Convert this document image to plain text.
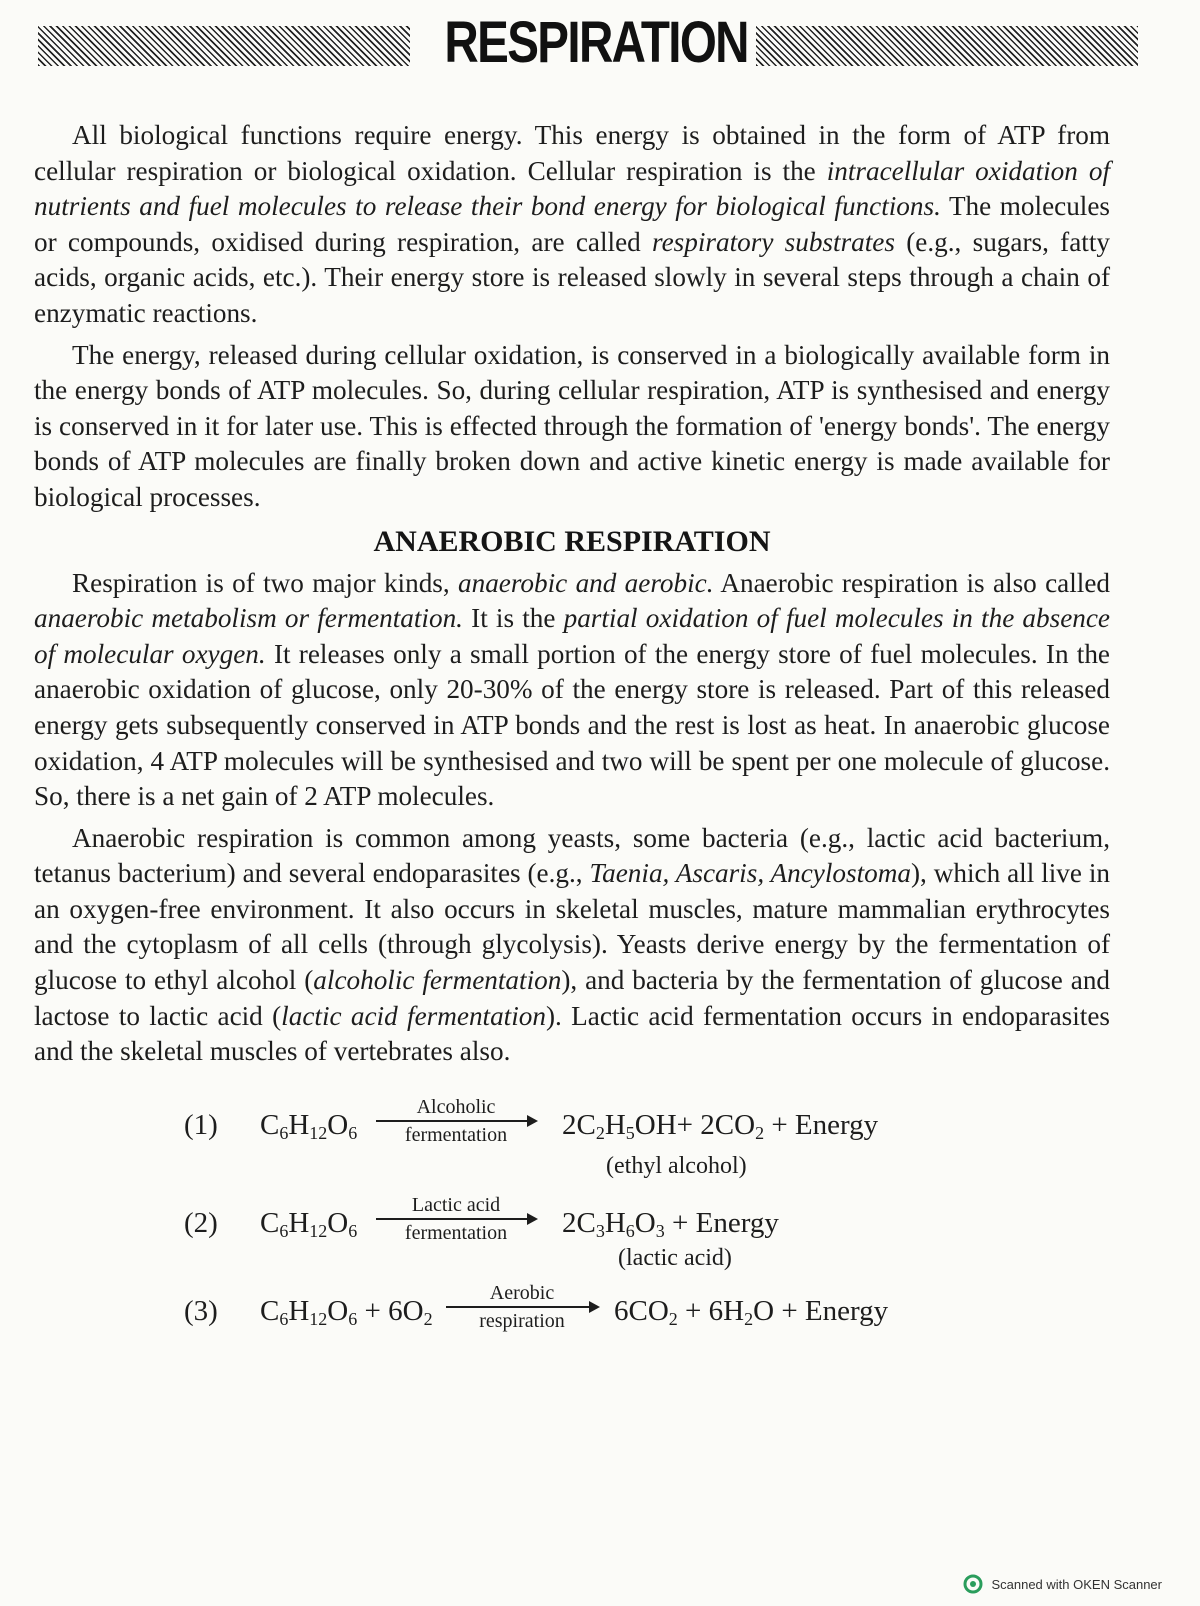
RESPIRATION

All biological functions require energy. This energy is obtained in the form of ATP from cellular respiration or biological oxidation. Cellular respiration is the intracellular oxidation of nutrients and fuel molecules to release their bond energy for biological functions. The molecules or compounds, oxidised during respiration, are called respiratory substrates (e.g., sugars, fatty acids, organic acids, etc.). Their energy store is released slowly in several steps through a chain of enzymatic reactions.

The energy, released during cellular oxidation, is conserved in a biologically available form in the energy bonds of ATP molecules. So, during cellular respiration, ATP is synthesised and energy is conserved in it for later use. This is effected through the formation of 'energy bonds'. The energy bonds of ATP molecules are finally broken down and active kinetic energy is made available for biological processes.

ANAEROBIC RESPIRATION

Respiration is of two major kinds, anaerobic and aerobic. Anaerobic respiration is also called anaerobic metabolism or fermentation. It is the partial oxidation of fuel molecules in the absence of molecular oxygen. It releases only a small portion of the energy store of fuel molecules. In the anaerobic oxidation of glucose, only 20-30% of the energy store is released. Part of this released energy gets subsequently conserved in ATP bonds and the rest is lost as heat. In anaerobic glucose oxidation, 4 ATP molecules will be synthesised and two will be spent per one molecule of glucose. So, there is a net gain of 2 ATP molecules.

Anaerobic respiration is common among yeasts, some bacteria (e.g., lactic acid bacterium, tetanus bacterium) and several endoparasites (e.g., Taenia, Ascaris, Ancylostoma), which all live in an oxygen-free environment. It also occurs in skeletal muscles, mature mammalian erythrocytes and the cytoplasm of all cells (through glycolysis). Yeasts derive energy by the fermentation of glucose to ethyl alcohol (alcoholic fermentation), and bacteria by the fermentation of glucose and lactose to lactic acid (lactic acid fermentation). Lactic acid fermentation occurs in endoparasites and the skeletal muscles of vertebrates also.

(1) $C_6H_{12}O_6$
Alcoholic
fermentation	$2C_2H_5OH+ 2CO_2$ + Energy
(ethyl alcohol)
(2) $C_6H_{12}O_6$
Lactic acid
fermentation	$2C_3H_6O_3$ + Energy
(lactic acid)
(3) $C_6H_{12}O_6 + 6O_2$
Aerobic
respiration	$6CO_2 + 6H_2O$ + Energy
Scanned with OKEN Scanner
